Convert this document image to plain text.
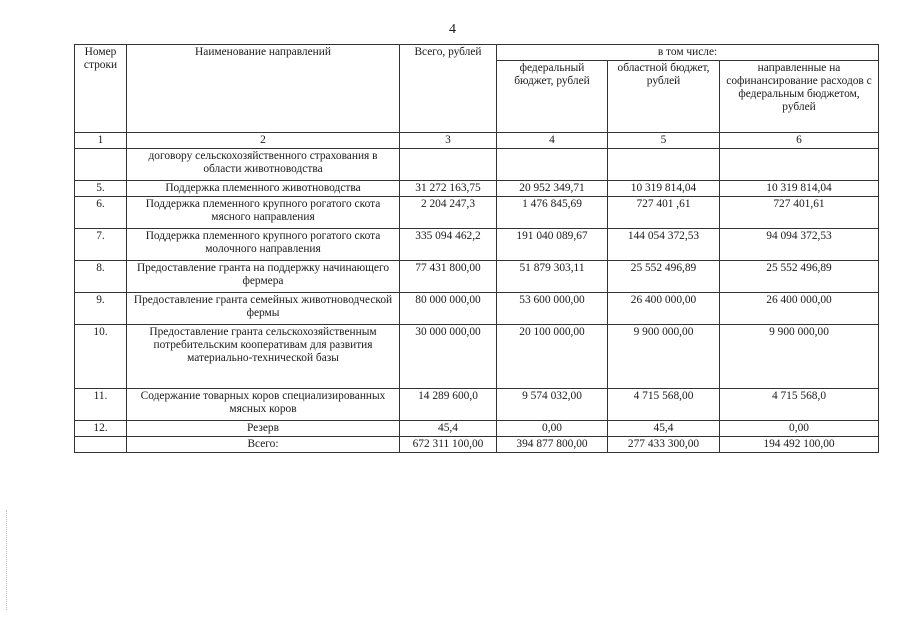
4
Номер строки	Наименование направлений	Всего, рублей	в том числе:		
			федеральный бюджет, рублей	областной бюджет, рублей	направленные на софинансирование расходов с федеральным бюджетом, рублей
1	2	3	4	5	6
	договору сельскохозяйственного страхования в области животноводства				
5.	Поддержка племенного животноводства	31 272 163,75	20 952 349,71	10 319 814,04	10 319 814,04
6.	Поддержка племенного крупного рогатого скота мясного направления	2 204 247,3	1 476 845,69	727 401 ,61	727 401,61
7.	Поддержка племенного крупного рогатого скота молочного направления	335 094 462,2	191 040 089,67	144 054 372,53	94 094 372,53
8.	Предоставление гранта на поддержку начинающего фермера	77 431 800,00	51 879 303,11	25 552 496,89	25 552 496,89
9.	Предоставление гранта семейных животноводческой фермы	80 000 000,00	53 600 000,00	26 400 000,00	26 400 000,00
10.	Предоставление гранта сельскохозяйственным потребительским кооперативам для развития материально-технической базы	30 000 000,00	20 100 000,00	9 900 000,00	9 900 000,00
11.	Содержание товарных коров специализированных мясных коров	14 289 600,0	9 574 032,00	4 715 568,00	4 715 568,0
12.	Резерв	45,4	0,00	45,4	0,00
	Всего:	672 311 100,00	394 877 800,00	277 433 300,00	194 492 100,00
